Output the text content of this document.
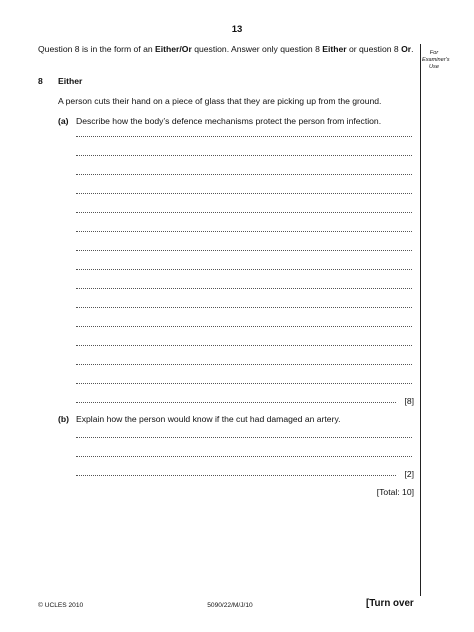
13
For Examiner's Use
Question 8 is in the form of an Either/Or question. Answer only question 8 Either or question 8 Or.
8 Either
A person cuts their hand on a piece of glass that they are picking up from the ground.
(a) Describe how the body’s defence mechanisms protect the person from infection.
[8]
(b) Explain how the person would know if the cut had damaged an artery.
[2]
[Total: 10]
© UCLES 2010	5090/22/M/J/10	[Turn over
